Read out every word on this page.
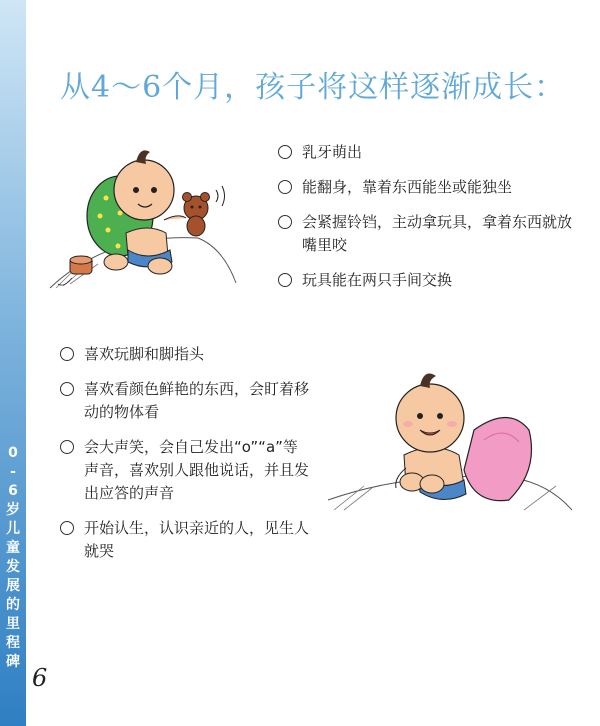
0
-
6
岁
儿
童
发
展
的
里
程
碑
6
从4～6个月，孩子将这样逐渐成长：
乳牙萌出
能翻身，靠着东西能坐或能独坐
会紧握铃铛，主动拿玩具，拿着东西就放嘴里咬
玩具能在两只手间交换
喜欢玩脚和脚指头
喜欢看颜色鲜艳的东西，会盯着移动的物体看
会大声笑，会自己发出“o”“a”等声音，喜欢别人跟他说话，并且发出应答的声音
开始认生，认识亲近的人，见生人就哭
